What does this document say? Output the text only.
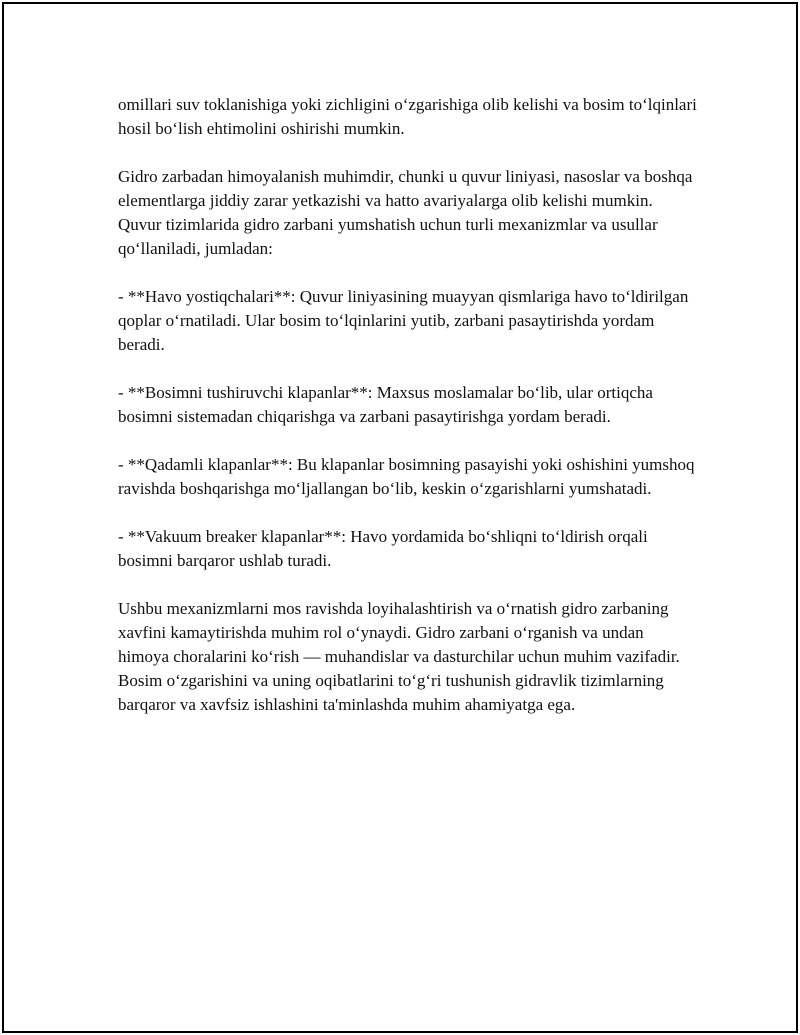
omillari suv toklanishiga yoki zichligini o‘zgarishiga olib kelishi va bosim to‘lqinlari hosil bo‘lish ehtimolini oshirishi mumkin.

Gidro zarbadan himoyalanish muhimdir, chunki u quvur liniyasi, nasoslar va boshqa elementlarga jiddiy zarar yetkazishi va hatto avariyalarga olib kelishi mumkin. Quvur tizimlarida gidro zarbani yumshatish uchun turli mexanizmlar va usullar qo‘llaniladi, jumladan:

- **Havo yostiqchalari**: Quvur liniyasining muayyan qismlariga havo to‘ldirilgan qoplar o‘rnatiladi. Ular bosim to‘lqinlarini yutib, zarbani pasaytirishda yordam beradi.

- **Bosimni tushiruvchi klapanlar**: Maxsus moslamalar bo‘lib, ular ortiqcha bosimni sistemadan chiqarishga va zarbani pasaytirishga yordam beradi.

- **Qadamli klapanlar**: Bu klapanlar bosimning pasayishi yoki oshishini yumshoq ravishda boshqarishga mo‘ljallangan bo‘lib, keskin o‘zgarishlarni yumshatadi.

- **Vakuum breaker klapanlar**: Havo yordamida bo‘shliqni to‘ldirish orqali bosimni barqaror ushlab turadi.

Ushbu mexanizmlarni mos ravishda loyihalashtirish va o‘rnatish gidro zarbaning xavfini kamaytirishda muhim rol o‘ynaydi. Gidro zarbani o‘rganish va undan himoya choralarini ko‘rish — muhandislar va dasturchilar uchun muhim vazifadir. Bosim o‘zgarishini va uning oqibatlarini to‘g‘ri tushunish gidravlik tizimlarning barqaror va xavfsiz ishlashini ta'minlashda muhim ahamiyatga ega.
